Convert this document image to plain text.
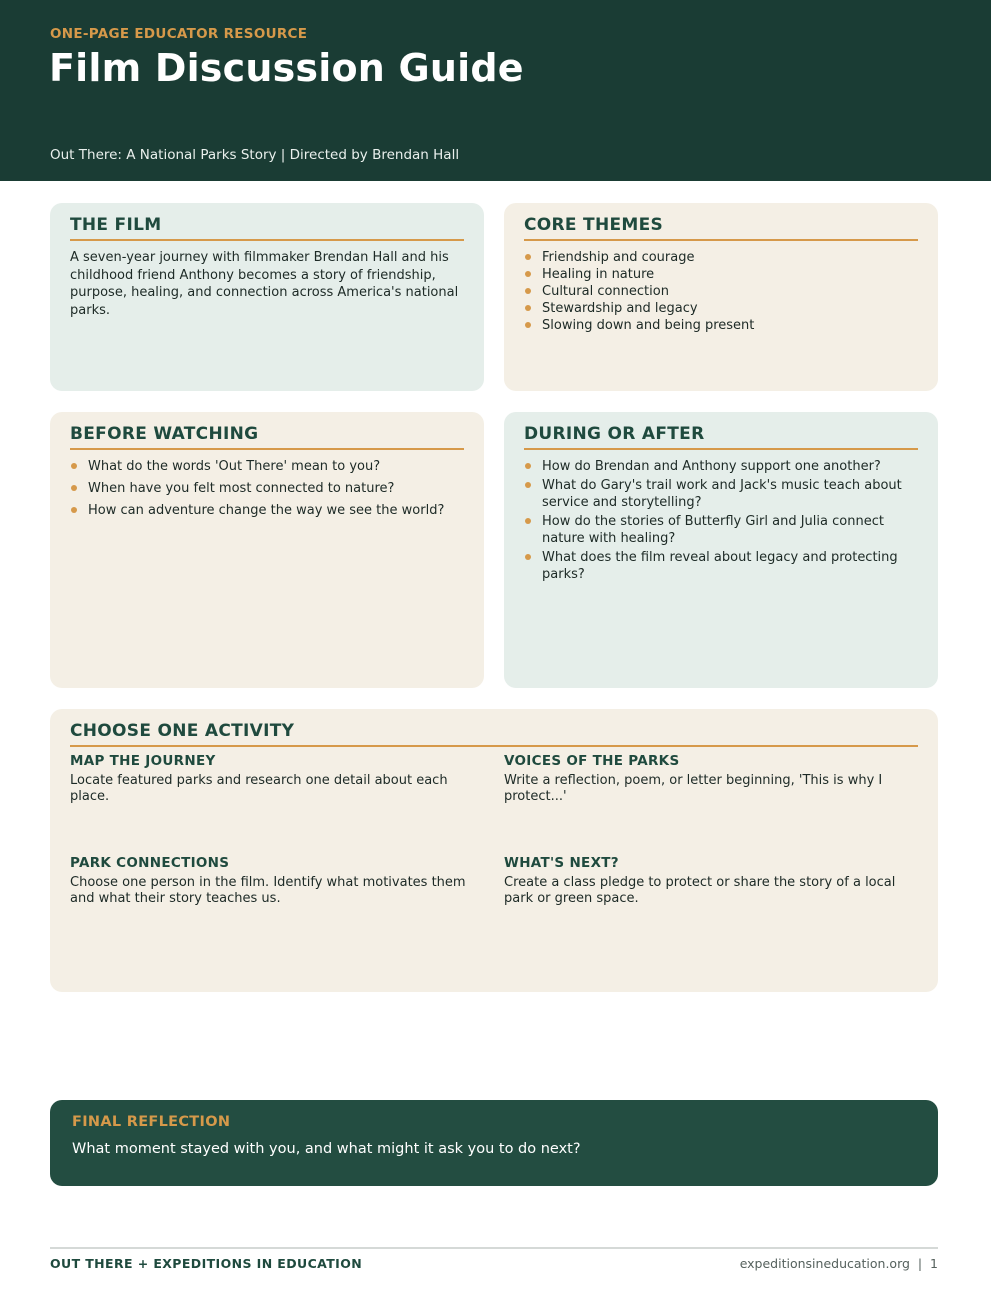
ONE-PAGE EDUCATOR RESOURCE
Film Discussion Guide
Out There: A National Parks Story | Directed by Brendan Hall
THE FILM
A seven-year journey with filmmaker Brendan Hall and his childhood friend Anthony becomes a story of friendship, purpose, healing, and connection across America's national parks.
CORE THEMES
Friendship and courage
Healing in nature
Cultural connection
Stewardship and legacy
Slowing down and being present
BEFORE WATCHING
What do the words 'Out There' mean to you?
When have you felt most connected to nature?
How can adventure change the way we see the world?
DURING OR AFTER
How do Brendan and Anthony support one another?
What do Gary's trail work and Jack's music teach about service and storytelling?
How do the stories of Butterfly Girl and Julia connect nature with healing?
What does the film reveal about legacy and protecting parks?
CHOOSE ONE ACTIVITY
MAP THE JOURNEY
Locate featured parks and research one detail about each place.
VOICES OF THE PARKS
Write a reflection, poem, or letter beginning, 'This is why I protect...'
PARK CONNECTIONS
Choose one person in the film. Identify what motivates them and what their story teaches us.
WHAT'S NEXT?
Create a class pledge to protect or share the story of a local park or green space.
FINAL REFLECTION
What moment stayed with you, and what might it ask you to do next?
OUT THERE + EXPEDITIONS IN EDUCATION	expeditionsineducation.org  |  1
